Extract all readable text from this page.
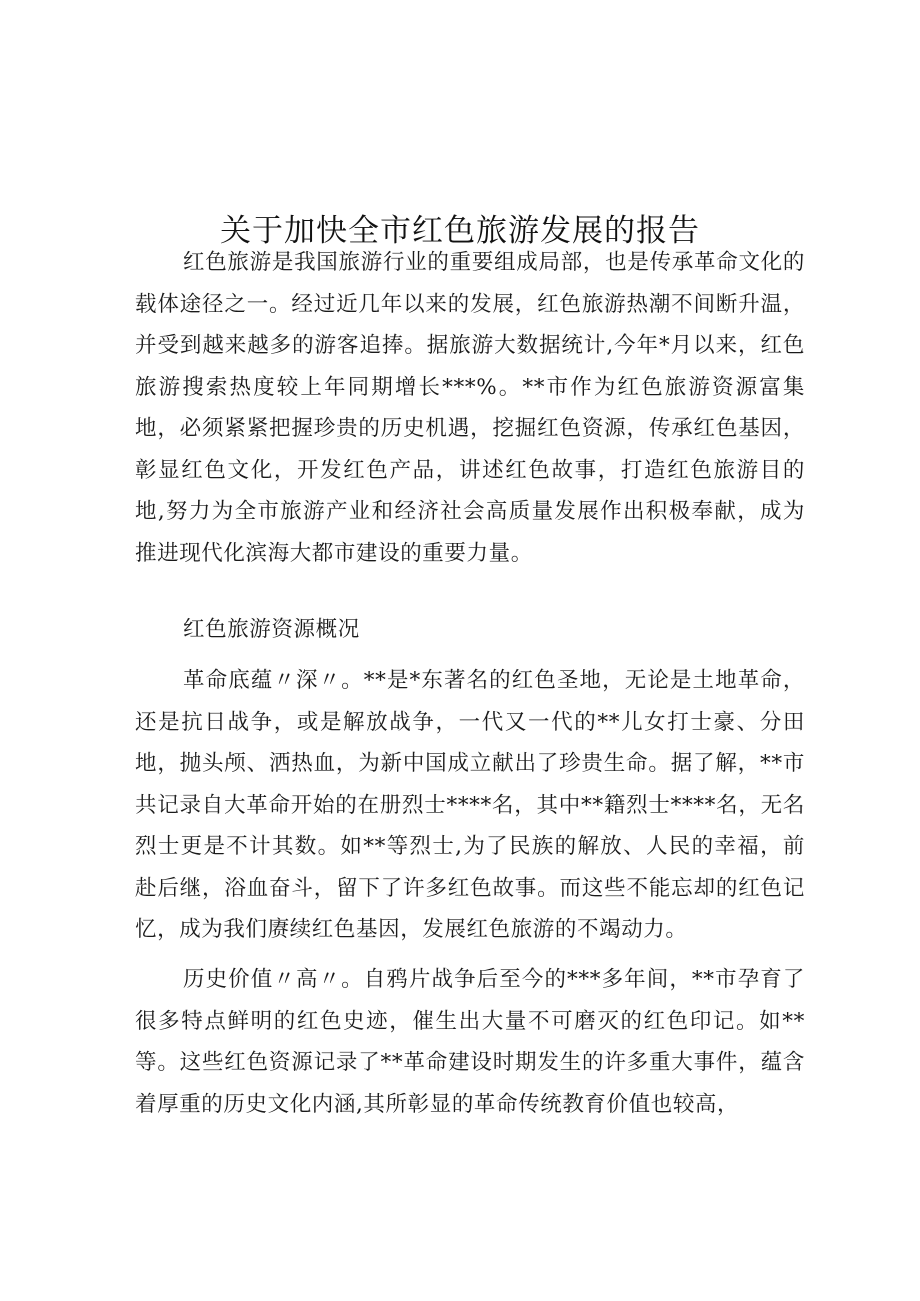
关于加快全市红色旅游发展的报告

红色旅游是我国旅游行业的重要组成局部，也是传承革命文化的载体途径之一。经过近几年以来的发展，红色旅游热潮不间断升温，并受到越来越多的游客追捧。据旅游大数据统计,今年*月以来，红色旅游搜索热度较上年同期增长***%。**市作为红色旅游资源富集地，必须紧紧把握珍贵的历史机遇，挖掘红色资源，传承红色基因，彰显红色文化，开发红色产品，讲述红色故事，打造红色旅游目的地,努力为全市旅游产业和经济社会高质量发展作出积极奉献，成为推进现代化滨海大都市建设的重要力量。

红色旅游资源概况

革命底蕴〃深〃。**是*东著名的红色圣地，无论是土地革命，还是抗日战争，或是解放战争，一代又一代的**儿女打士豪、分田地，抛头颅、洒热血，为新中国成立献出了珍贵生命。据了解，**市共记录自大革命开始的在册烈士****名，其中**籍烈士****名，无名烈士更是不计其数。如**等烈士,为了民族的解放、人民的幸福，前赴后继，浴血奋斗，留下了许多红色故事。而这些不能忘却的红色记忆，成为我们赓续红色基因，发展红色旅游的不竭动力。

历史价值〃高〃。自鸦片战争后至今的***多年间，**市孕育了很多特点鲜明的红色史迹，催生出大量不可磨灭的红色印记。如**等。这些红色资源记录了**革命建设时期发生的许多重大事件，蕴含着厚重的历史文化内涵,其所彰显的革命传统教育价值也较高，
